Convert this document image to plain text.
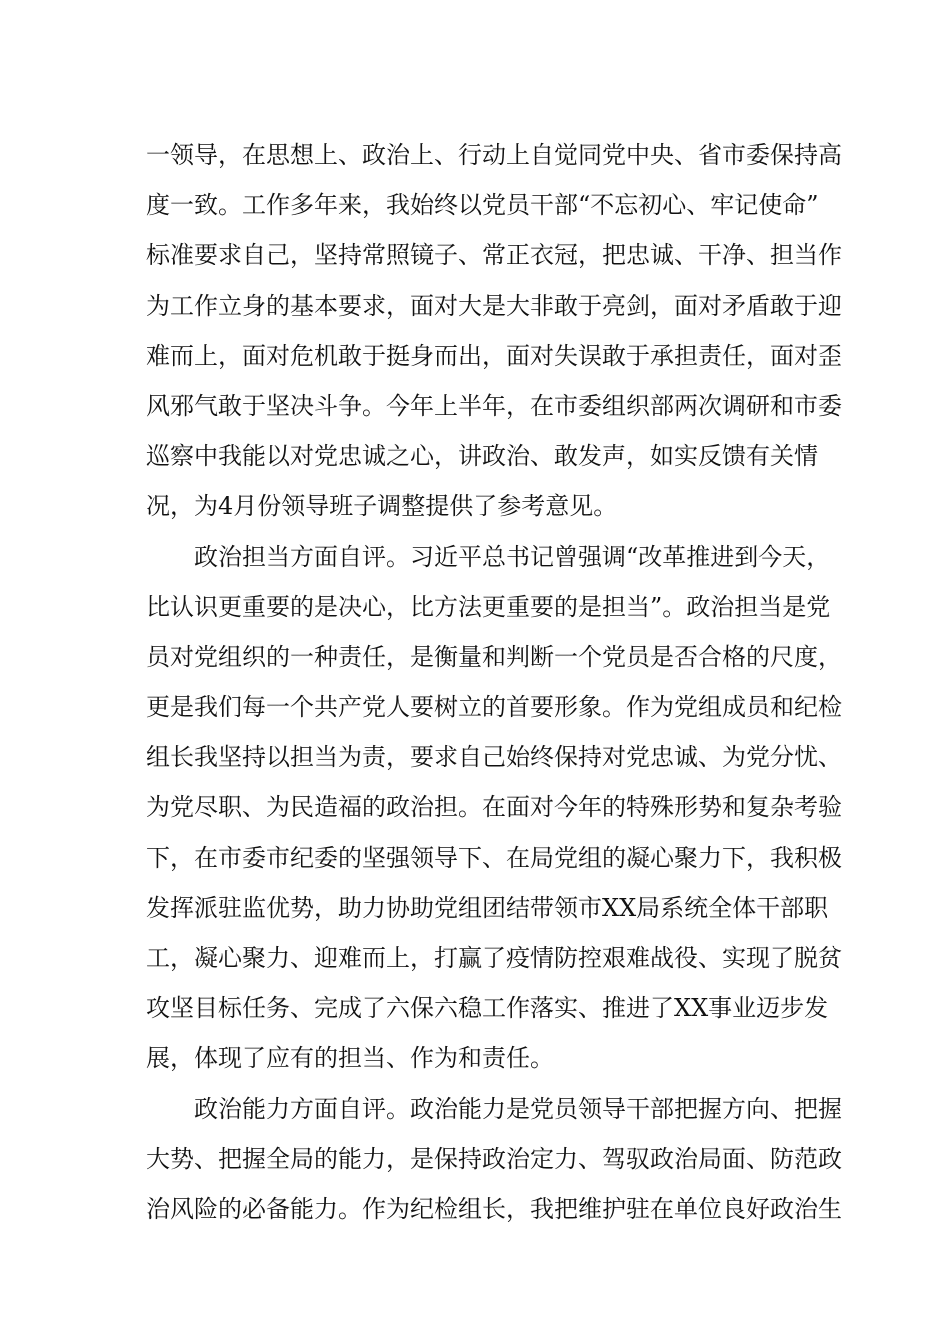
一领导，在思想上、政治上、行动上自觉同党中央、省市委保持高
度一致。工作多年来，我始终以党员干部“不忘初心、牢记使命”
标准要求自己，坚持常照镜子、常正衣冠，把忠诚、干净、担当作
为工作立身的基本要求，面对大是大非敢于亮剑，面对矛盾敢于迎
难而上，面对危机敢于挺身而出，面对失误敢于承担责任，面对歪
风邪气敢于坚决斗争。今年上半年，在市委组织部两次调研和市委
巡察中我能以对党忠诚之心，讲政治、敢发声，如实反馈有关情
况，为4月份领导班子调整提供了参考意见。
政治担当方面自评。习近平总书记曾强调“改革推进到今天，
比认识更重要的是决心，比方法更重要的是担当”。政治担当是党
员对党组织的一种责任，是衡量和判断一个党员是否合格的尺度，
更是我们每一个共产党人要树立的首要形象。作为党组成员和纪检
组长我坚持以担当为责，要求自己始终保持对党忠诚、为党分忧、
为党尽职、为民造福的政治担。在面对今年的特殊形势和复杂考验
下，在市委市纪委的坚强领导下、在局党组的凝心聚力下，我积极
发挥派驻监优势，助力协助党组团结带领市XX局系统全体干部职
工，凝心聚力、迎难而上，打赢了疫情防控艰难战役、实现了脱贫
攻坚目标任务、完成了六保六稳工作落实、推进了XX事业迈步发
展，体现了应有的担当、作为和责任。
政治能力方面自评。政治能力是党员领导干部把握方向、把握
大势、把握全局的能力，是保持政治定力、驾驭政治局面、防范政
治风险的必备能力。作为纪检组长，我把维护驻在单位良好政治生
